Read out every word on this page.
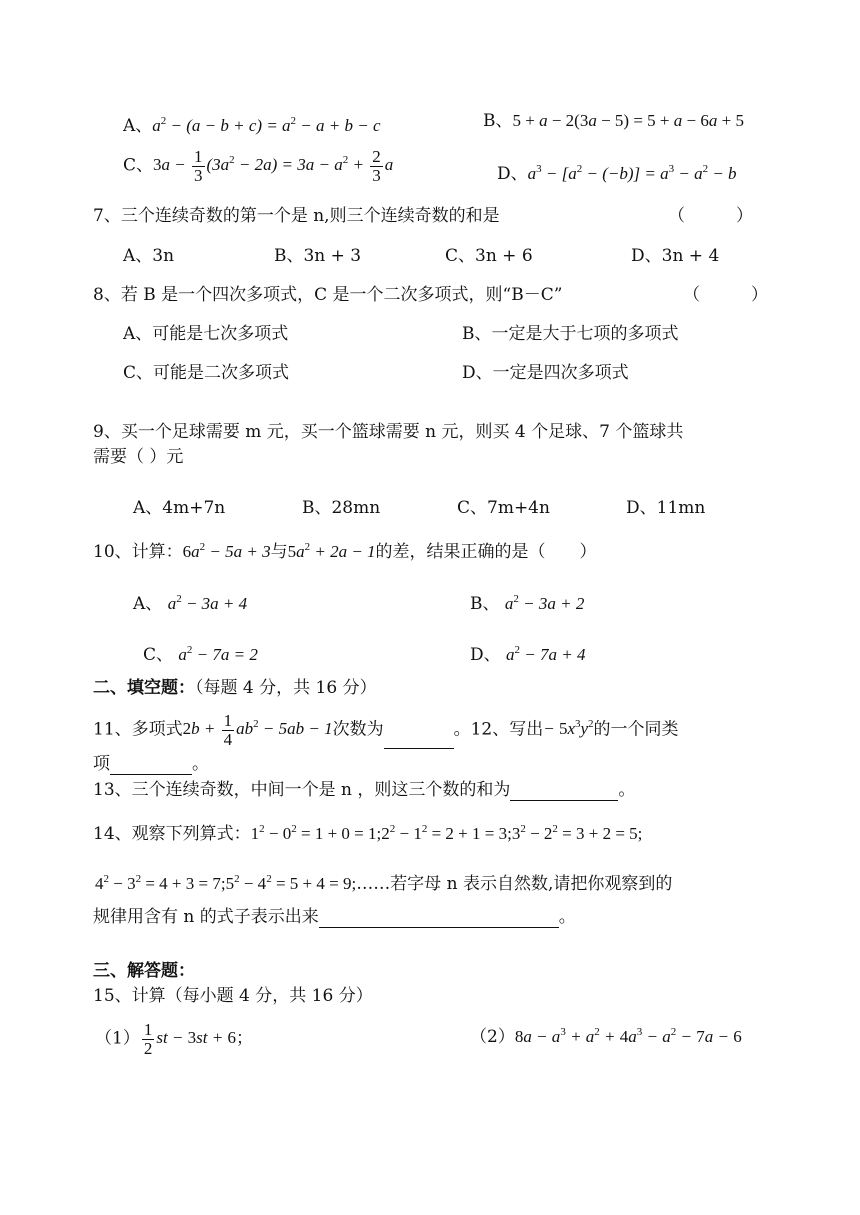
A、$a^2 - (a - b + c) = a^2 - a + b - c$	B、5 + a − 2(3a − 5) = 5 + a − 6a + 5
C、$3a - \frac{1}{3} (3a^2 - 2a) = 3a - a^2 + \frac{2}{3}$ a	D、$a^3 - [a^2 - (-b)] = a^3 - a^2 - b$
7、三个连续奇数的第一个是 n,则三个连续奇数的和是	（　　　）
A、3n	B、3n + 3	C、3n + 6	D、3n + 4
8、若 B 是一个四次多项式，C 是一个二次多项式，则“B－C”	（　　　）
A、可能是七次多项式	B、一定是大于七项的多项式
C、可能是二次多项式	D、一定是四次多项式
9、买一个足球需要 m 元，买一个篮球需要 n 元，则买 4 个足球、7 个篮球共
需要（ ）元
A、4m+7n	B、28mn	C、7m+4n	D、11mn
10、计算：$6a^2 - 5a + 3$与$5a^2 + 2a - 1$的差，结果正确的是（　　）
A、 $a^2 - 3a + 4$	B、 $a^2 - 3a + 2$
C、 $a^2 - 7a = 2$	D、 $a^2 - 7a + 4$
二、填空题：（每题 4 分，共 16 分）
11、多项式$2b + \frac{1}{4} ab^2 - 5ab - 1$次数为	。12、写出− $5x^3y^2$的一个同类
项	。
13、三个连续奇数，中间一个是 n ，则这三个数的和为	。
14、观察下列算式：$1^2 - 0^2 = 1 + 0$ = $1;2^2 - 1^2 = 2 + 1$ = $3;3^2 - 2^2 = 3 + 2 = 5$;
$4^2 - 3^2 = 4 + 3$ = $7;5^2 - 4^2 = 5 + 4$ = 9;……若字母 n 表示自然数,请把你观察到的
规律用含有 n 的式子表示出来	。
三、解答题：
15、计算（每小题 4 分，共 16 分）
$(1) \frac{1}{2}$ st − 3st + 6；	$(2)8a - a^3 + a^2 + 4a^3 - a^2 - 7a - 6$
